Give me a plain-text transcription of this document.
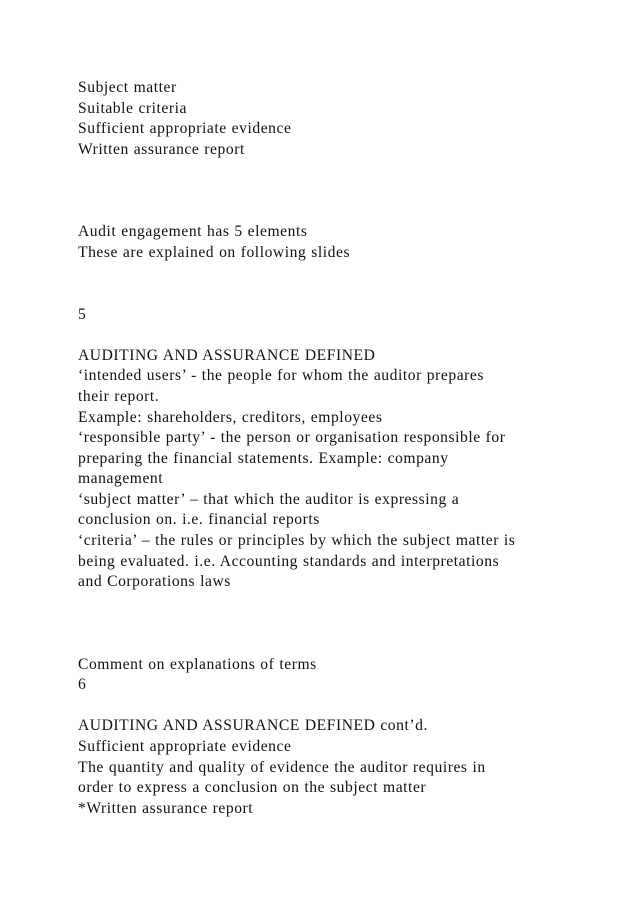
Subject matter
Suitable criteria
Sufficient appropriate evidence
Written assurance report
Audit engagement has 5 elements
These are explained on following slides
5
AUDITING AND ASSURANCE DEFINED
‘intended users’ - the people for whom the auditor prepares
their report.
Example: shareholders, creditors, employees
‘responsible party’ - the person or organisation responsible for
preparing the financial statements. Example: company
management
‘subject matter’ – that which the auditor is expressing a
conclusion on. i.e. financial reports
‘criteria’ – the rules or principles by which the subject matter is
being evaluated. i.e. Accounting standards and interpretations
and Corporations laws
Comment on explanations of terms
6
AUDITING AND ASSURANCE DEFINED cont’d.
Sufficient appropriate evidence
The quantity and quality of evidence the auditor requires in
order to express a conclusion on the subject matter
*Written assurance report
